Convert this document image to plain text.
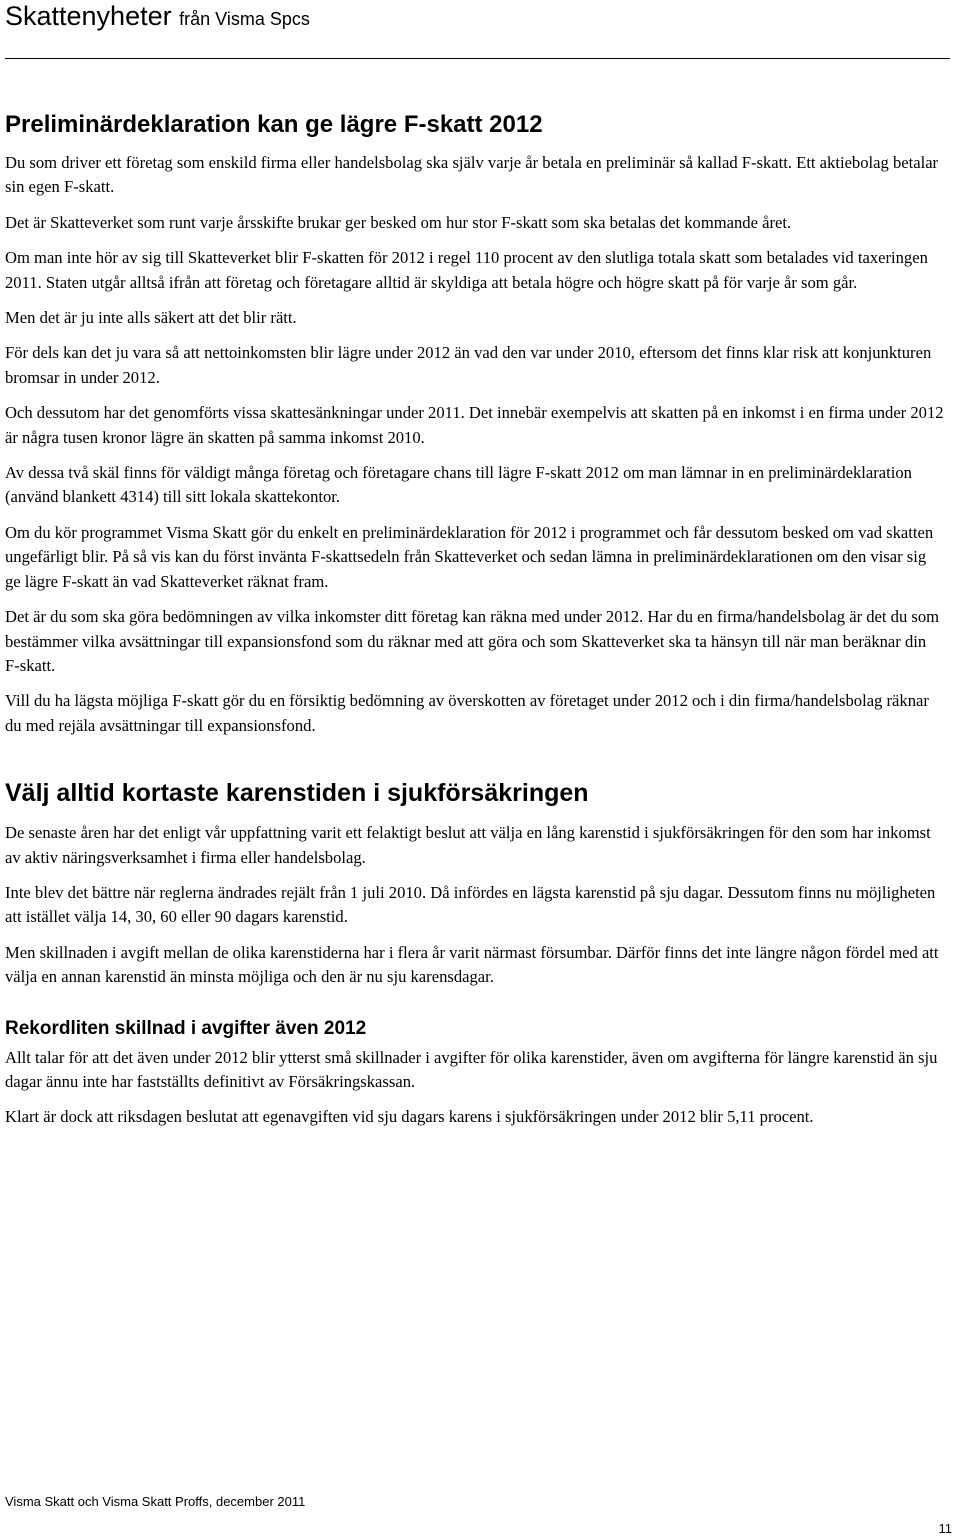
Skattenyheter från Visma Spcs
Preliminärdeklaration kan ge lägre F-skatt 2012

Du som driver ett företag som enskild firma eller handelsbolag ska själv varje år betala en preliminär så kallad F-skatt. Ett aktiebolag betalar sin egen F-skatt.

Det är Skatteverket som runt varje årsskifte brukar ger besked om hur stor F-skatt som ska betalas det kommande året.

Om man inte hör av sig till Skatteverket blir F-skatten för 2012 i regel 110 procent av den slutliga totala skatt som betalades vid taxeringen 2011. Staten utgår alltså ifrån att företag och företagare alltid är skyldiga att betala högre och högre skatt på för varje år som går.

Men det är ju inte alls säkert att det blir rätt.

För dels kan det ju vara så att nettoinkomsten blir lägre under 2012 än vad den var under 2010, eftersom det finns klar risk att konjunkturen bromsar in under 2012.

Och dessutom har det genomförts vissa skattesänkningar under 2011. Det innebär exempelvis att skatten på en inkomst i en firma under 2012 är några tusen kronor lägre än skatten på samma inkomst 2010.

Av dessa två skäl finns för väldigt många företag och företagare chans till lägre F-skatt 2012 om man lämnar in en preliminärdeklaration (använd blankett 4314) till sitt lokala skattekontor.

Om du kör programmet Visma Skatt gör du enkelt en preliminärdeklaration för 2012 i programmet och får dessutom besked om vad skatten ungefärligt blir. På så vis kan du först invänta F-skattsedeln från Skatteverket och sedan lämna in preliminärdeklarationen om den visar sig ge lägre F-skatt än vad Skatteverket räknat fram.

Det är du som ska göra bedömningen av vilka inkomster ditt företag kan räkna med under 2012. Har du en firma/handelsbolag är det du som bestämmer vilka avsättningar till expansionsfond som du räknar med att göra och som Skatteverket ska ta hänsyn till när man beräknar din F-skatt.

Vill du ha lägsta möjliga F-skatt gör du en försiktig bedömning av överskotten av företaget under 2012 och i din firma/handelsbolag räknar du med rejäla avsättningar till expansionsfond.

Välj alltid kortaste karenstiden i sjukförsäkringen

De senaste åren har det enligt vår uppfattning varit ett felaktigt beslut att välja en lång karenstid i sjukförsäkringen för den som har inkomst av aktiv näringsverksamhet i firma eller handelsbolag.

Inte blev det bättre när reglerna ändrades rejält från 1 juli 2010. Då infördes en lägsta karenstid på sju dagar. Dessutom finns nu möjligheten att istället välja 14, 30, 60 eller 90 dagars karenstid.

Men skillnaden i avgift mellan de olika karenstiderna har i flera år varit närmast försumbar. Därför finns det inte längre någon fördel med att välja en annan karenstid än minsta möjliga och den är nu sju karensdagar.

Rekordliten skillnad i avgifter även 2012

Allt talar för att det även under 2012 blir ytterst små skillnader i avgifter för olika karenstider, även om avgifterna för längre karenstid än sju dagar ännu inte har fastställts definitivt av Försäkringskassan.

Klart är dock att riksdagen beslutat att egenavgiften vid sju dagars karens i sjukförsäkringen under 2012 blir 5,11 procent.

Visma Skatt och Visma Skatt Proffs, december 2011
11
